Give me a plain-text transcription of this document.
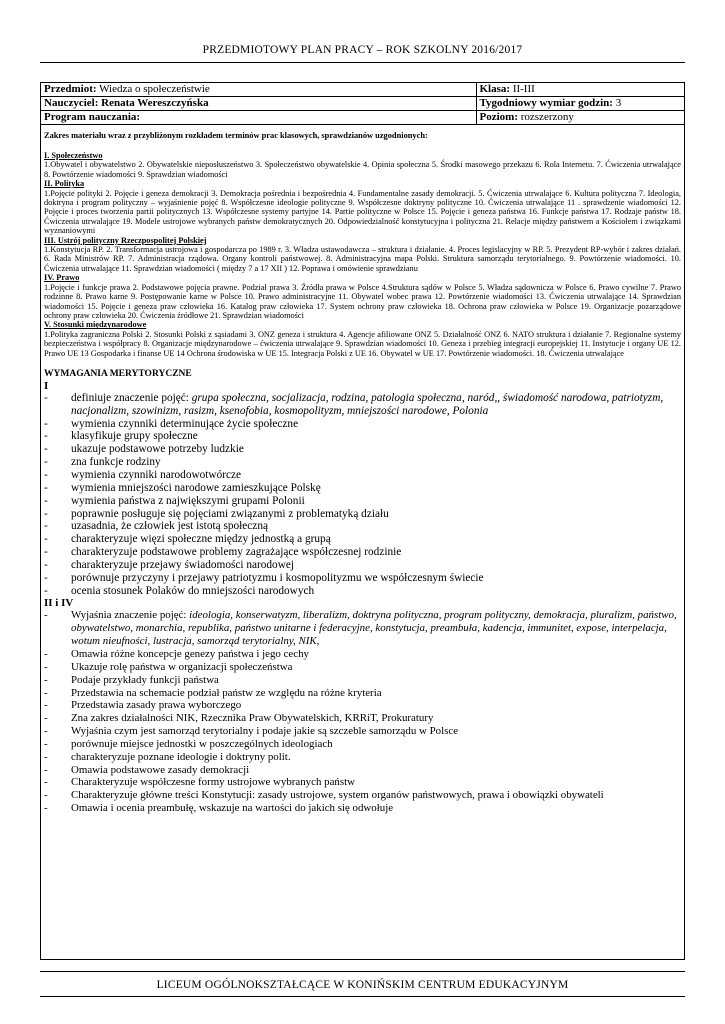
PRZEDMIOTOWY PLAN PRACY – ROK SZKOLNY 2016/2017
Przedmiot: Wiedza o społeczeństwie	Klasa: II-III
Nauczyciel: Renata Wereszczyńska	Tygodniowy wymiar godzin: 3
Program nauczania:	Poziom: rozszerzony

Zakres materiału wraz z przybliżonym rozkładem terminów prac klasowych, sprawdzianów uzgodnionych:

I. Społeczeństwo
1.Obywatel i obywatelstwo 2. Obywatelskie nieposłuszeństwo 3. Społeczeństwo obywatelskie 4. Opinia społeczna 5. Środki masowego przekazu 6. Rola Internetu. 7. Ćwiczenia utrwalające 8. Powtórzenie wiadomości 9. Sprawdzian wiadomości
II. Polityka
1.Pojęcie polityki 2. Pojęcie i geneza demokracji 3. Demokracja pośrednia i bezpośrednia 4. Fundamentalne zasady demokracji. 5. Ćwiczenia utrwalające 6. Kultura polityczna 7. Ideologia, doktryna i program polityczny – wyjaśnienie pojęć 8. Współczesne ideologie polityczne 9. Współczesne doktryny polityczne 10. Ćwiczenia utrwalające 11 . sprawdzenie wiadomości 12. Pojęcie i proces tworzenia partii politycznych 13. Współczesne systemy partyjne 14. Partie polityczne w Polsce 15. Pojęcie i geneza państwa 16. Funkcje państwa 17. Rodzaje państw 18. Ćwiczenia utrwalające 19. Modele ustrojowe wybranych państw demokratycznych 20. Odpowiedzialność konstytucyjna i polityczna 21. Relacje między państwem a Kościołem i związkami wyznaniowymi
III. Ustrój polityczny Rzeczpospolitej Polskiej
1.Konstytucja RP. 2. Transformacja ustrojowa i gospodarcza po 1989 r. 3. Władza ustawodawcza – struktura i działanie. 4. Proces legislacyjny w RP. 5. Prezydent RP-wybór i zakres działań. 6. Rada Ministrów RP. 7. Administracja rządowa. Organy kontroli państwowej. 8. Administracyjna mapa Polski. Struktura samorządu terytorialnego. 9. Powtórzenie wiadomości. 10. Ćwiczenia utrwalające 11. Sprawdzian wiadomości ( między 7 a 17 XII ) 12. Poprawa i omówienie sprawdzianu
IV. Prawo
1.Pojęcie i funkcje prawa 2. Podstawowe pojęcia prawne. Podział prawa 3. Źródła prawa w Polsce 4.Struktura sądów w Polsce 5. Władza sądownicza w Polsce 6. Prawo cywilne 7. Prawo rodzinne 8. Prawo karne 9. Postępowanie karne w Polsce 10. Prawo administracyjne 11. Obywatel wobec prawa 12. Powtórzenie wiadomości 13. Ćwiczenia utrwalające 14. Sprawdzian wiadomości 15. Pojęcie i geneza praw człowieka 16. Katalog praw człowieka 17. System ochrony praw człowieka 18. Ochrona praw człowieka w Polsce 19. Organizacje pozarządowe ochrony praw człowieka 20. Ćwiczenia źródłowe 21. Sprawdzian wiadomości
V. Stosunki międzynarodowe
1.Polityka zagraniczna Polski 2. Stosunki Polski z sąsiadami 3. ONZ geneza i struktura 4. Agencje afiliowane ONZ 5. Działalność ONZ 6. NATO struktura i działanie 7. Regionalne systemy bezpieczeństwa i współpracy 8. Organizacje międzynarodowe – ćwiczenia utrwalające 9. Sprawdzian wiadomości 10. Geneza i przebieg integracji europejskiej 11. Instytucje i organy UE 12. Prawo UE 13 Gospodarka i finanse UE 14 Ochrona środowiska w UE 15. Integracja Polski z UE 16. Obywatel w UE 17. Powtórzenie wiadomości. 18. Ćwiczenia utrwalające

WYMAGANIA MERYTORYCZNE

I

- definiuje znaczenie pojęć: grupa społeczna, socjalizacja, rodzina, patologia społeczna, naród,, świadomość narodowa, patriotyzm, nacjonalizm, szowinizm, rasizm, ksenofobia, kosmopolityzm, mniejszości narodowe, Polonia
- wymienia czynniki determinujące życie społeczne
- klasyfikuje grupy społeczne
- ukazuje podstawowe potrzeby ludzkie
- zna funkcje rodziny
- wymienia czynniki narodowotwórcze
- wymienia mniejszości narodowe zamieszkujące Polskę
- wymienia państwa z największymi grupami Polonii
- poprawnie posługuje się pojęciami związanymi z problematyką działu
- uzasadnia, że człowiek jest istotą społeczną
- charakteryzuje więzi społeczne między jednostką a grupą
- charakteryzuje podstawowe problemy zagrażające współczesnej rodzinie
- charakteryzuje przejawy świadomości narodowej
- porównuje przyczyny i przejawy patriotyzmu i kosmopolityzmu we współczesnym świecie
- ocenia stosunek Polaków do mniejszości narodowych

II i IV

- Wyjaśnia znaczenie pojęć: ideologia, konserwatyzm, liberalizm, doktryna polityczna, program polityczny, demokracja, pluralizm, państwo, obywatelstwo, monarchia, republika, państwo unitarne i federacyjne, konstytucja, preambuła, kadencja, immunitet, expose, interpelacja, wotum nieufności, lustracja, samorząd terytorialny, NIK,
- Omawia różne koncepcje genezy państwa i jego cechy
- Ukazuje rolę państwa w organizacji społeczeństwa
- Podaje przykłady funkcji państwa
- Przedstawia na schemacie podział państw ze względu na różne kryteria
- Przedstawia zasady prawa wyborczego
- Zna zakres działalności NIK, Rzecznika Praw Obywatelskich, KRRiT, Prokuratury
- Wyjaśnia czym jest samorząd terytorialny i podaje jakie są szczeble samorządu w Polsce
- porównuje miejsce jednostki w poszczególnych ideologiach
- charakteryzuje poznane ideologie i doktryny polit.
- Omawia podstawowe zasady demokracji
- Charakteryzuje współczesne formy ustrojowe wybranych państw
- Charakteryzuje główne treści Konstytucji: zasady ustrojowe, system organów państwowych, prawa i obowiązki obywateli
- Omawia i ocenia preambułę, wskazuje na wartości do jakich się odwołuje
LICEUM OGÓLNOKSZTAŁCĄCE W KONIŃSKIM CENTRUM EDUKACYJNYM
